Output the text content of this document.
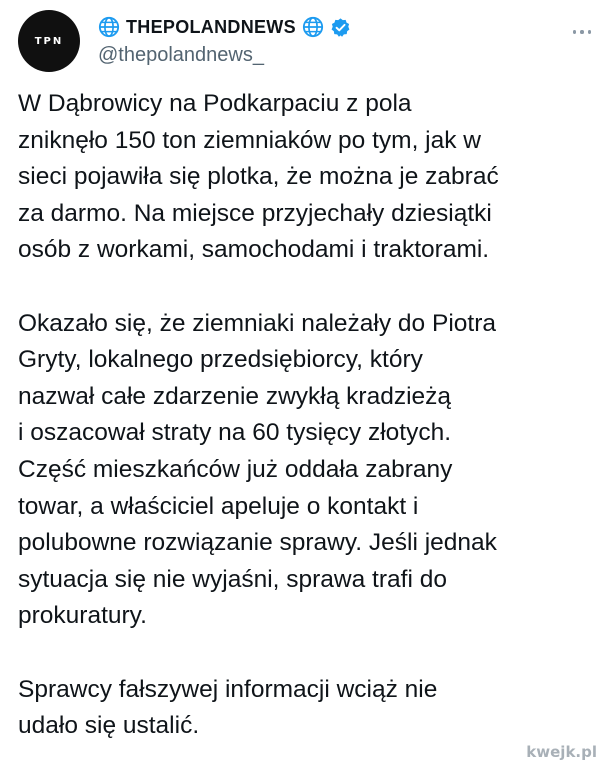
TPN
THEPOLANDNEWS
@thepolandnews_

W Dąbrowicy na Podkarpaciu z pola
zniknęło 150 ton ziemniaków po tym, jak w
sieci pojawiła się plotka, że można je zabrać
za darmo. Na miejsce przyjechały dziesiątki
osób z workami, samochodami i traktorami.

Okazało się, że ziemniaki należały do Piotra
Gryty, lokalnego przedsiębiorcy, który
nazwał całe zdarzenie zwykłą kradzieżą
i oszacował straty na 60 tysięcy złotych.
Część mieszkańców już oddała zabrany
towar, a właściciel apeluje o kontakt i
polubowne rozwiązanie sprawy. Jeśli jednak
sytuacja się nie wyjaśni, sprawa trafi do
prokuratury.

Sprawcy fałszywej informacji wciąż nie
udało się ustalić.

kwejk.pl
